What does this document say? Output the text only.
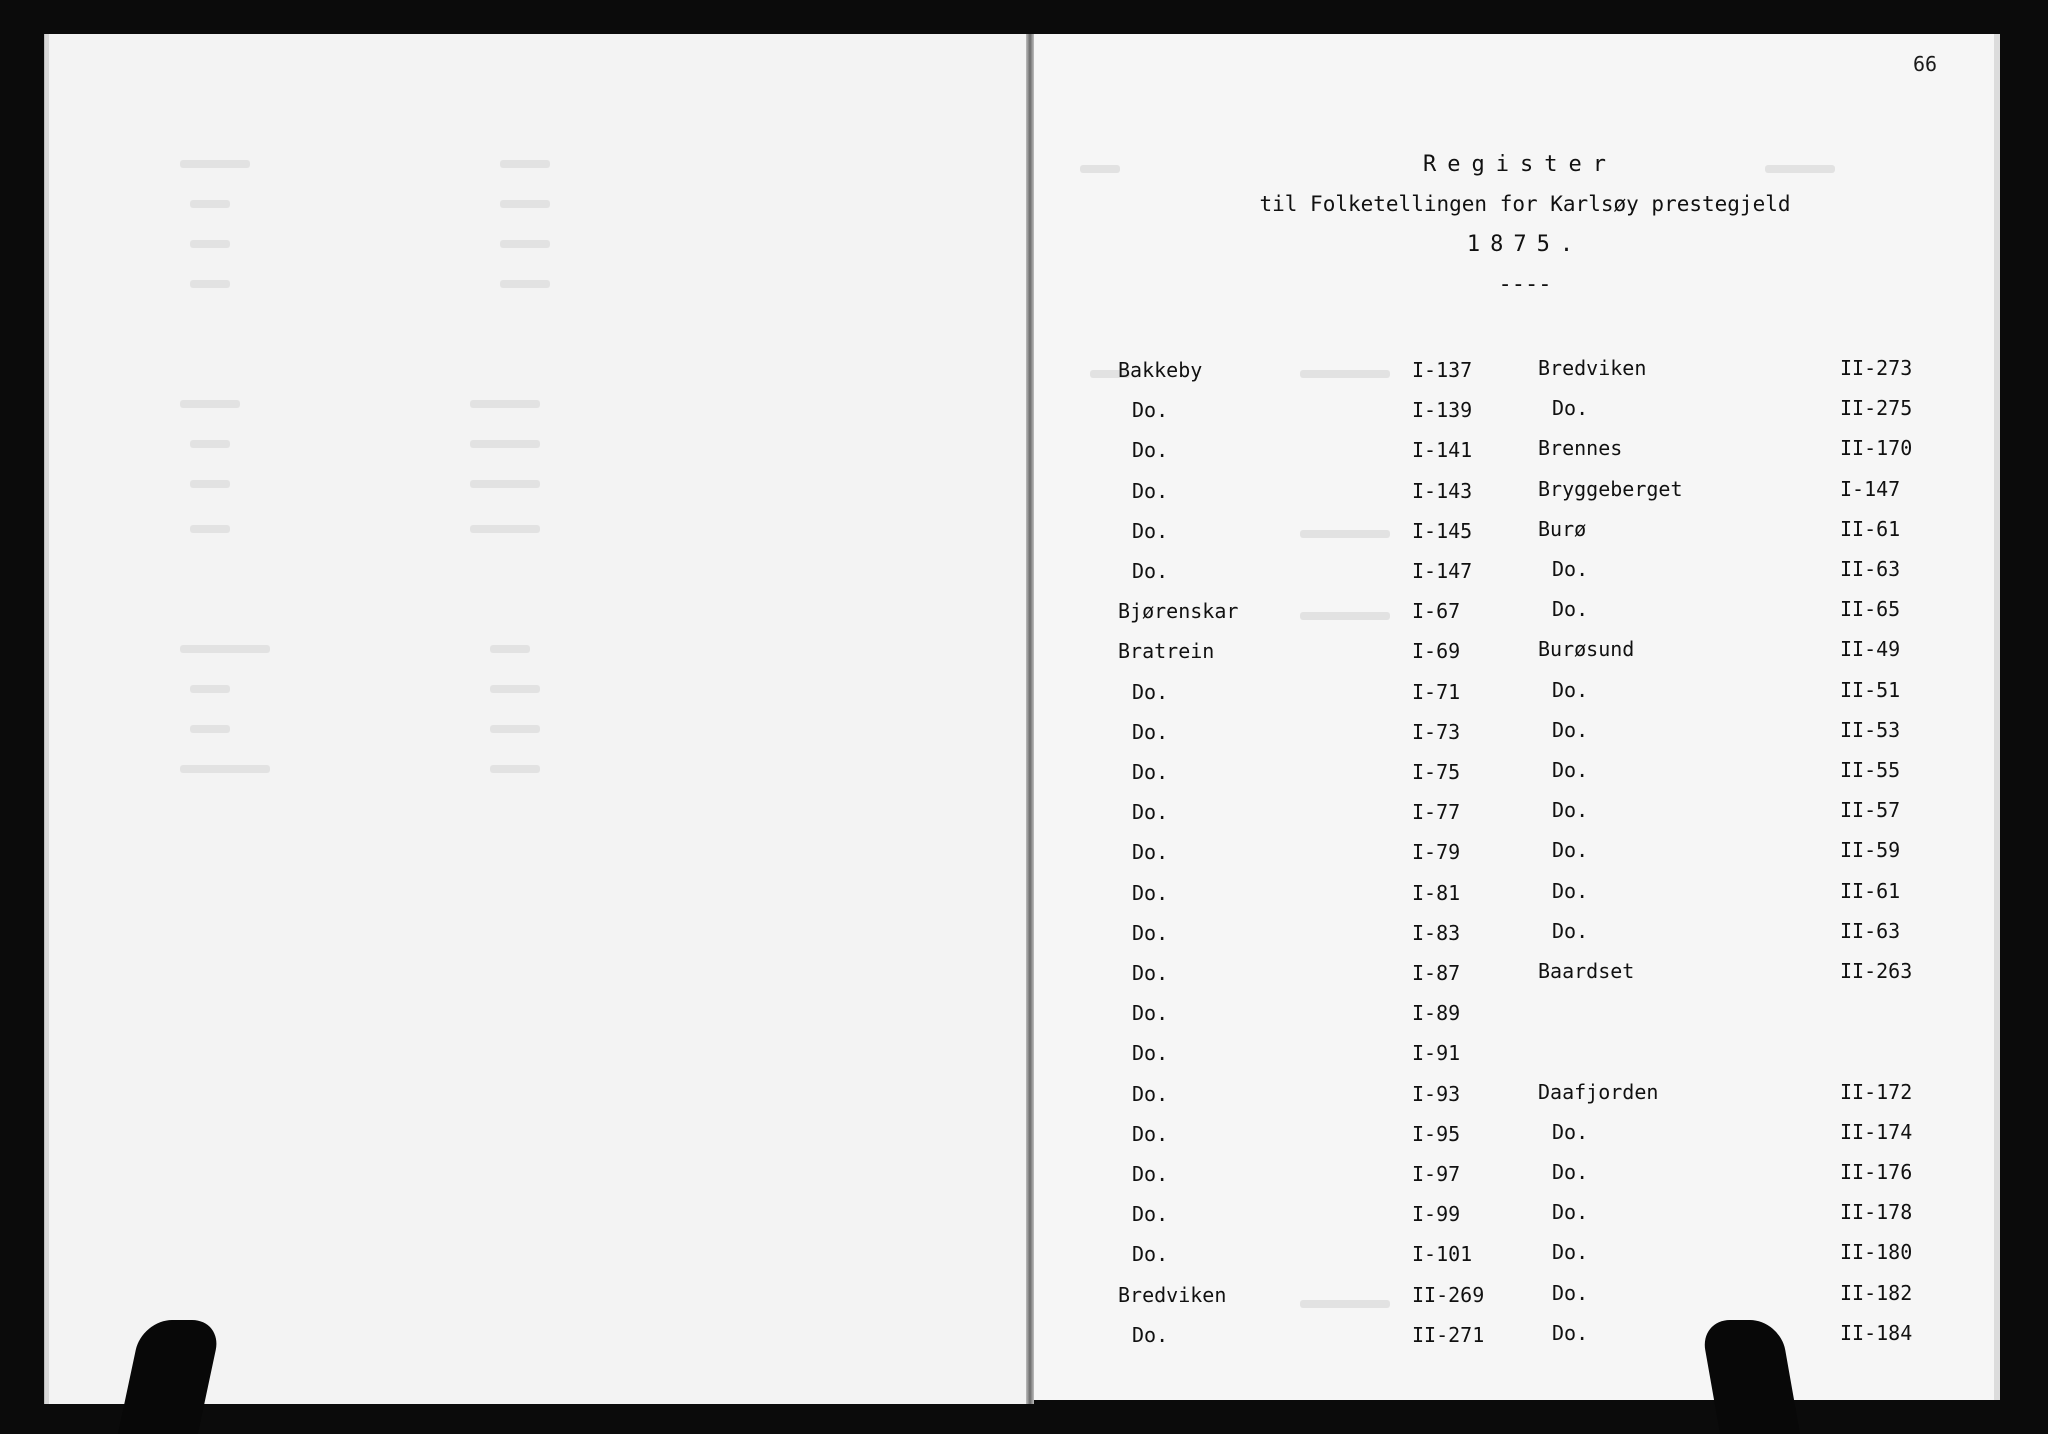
66
Register
til Folketellingen for Karlsøy prestegjeld
1875.
----
Bakkeby	I-137
Do.	I-139
Do.	I-141
Do.	I-143
Do.	I-145
Do.	I-147
Bjørenskar	I-67
Bratrein	I-69
Do.	I-71
Do.	I-73
Do.	I-75
Do.	I-77
Do.	I-79
Do.	I-81
Do.	I-83
Do.	I-87
Do.	I-89
Do.	I-91
Do.	I-93
Do.	I-95
Do.	I-97
Do.	I-99
Do.	I-101
Bredviken	II-269
Do.	II-271
Bredviken	II-273
Do.	II-275
Brennes	II-170
Bryggeberget	I-147
Burø	II-61
Do.	II-63
Do.	II-65
Burøsund	II-49
Do.	II-51
Do.	II-53
Do.	II-55
Do.	II-57
Do.	II-59
Do.	II-61
Do.	II-63
Baardset	II-263
Daafjorden	II-172
Do.	II-174
Do.	II-176
Do.	II-178
Do.	II-180
Do.	II-182
Do.	II-184
